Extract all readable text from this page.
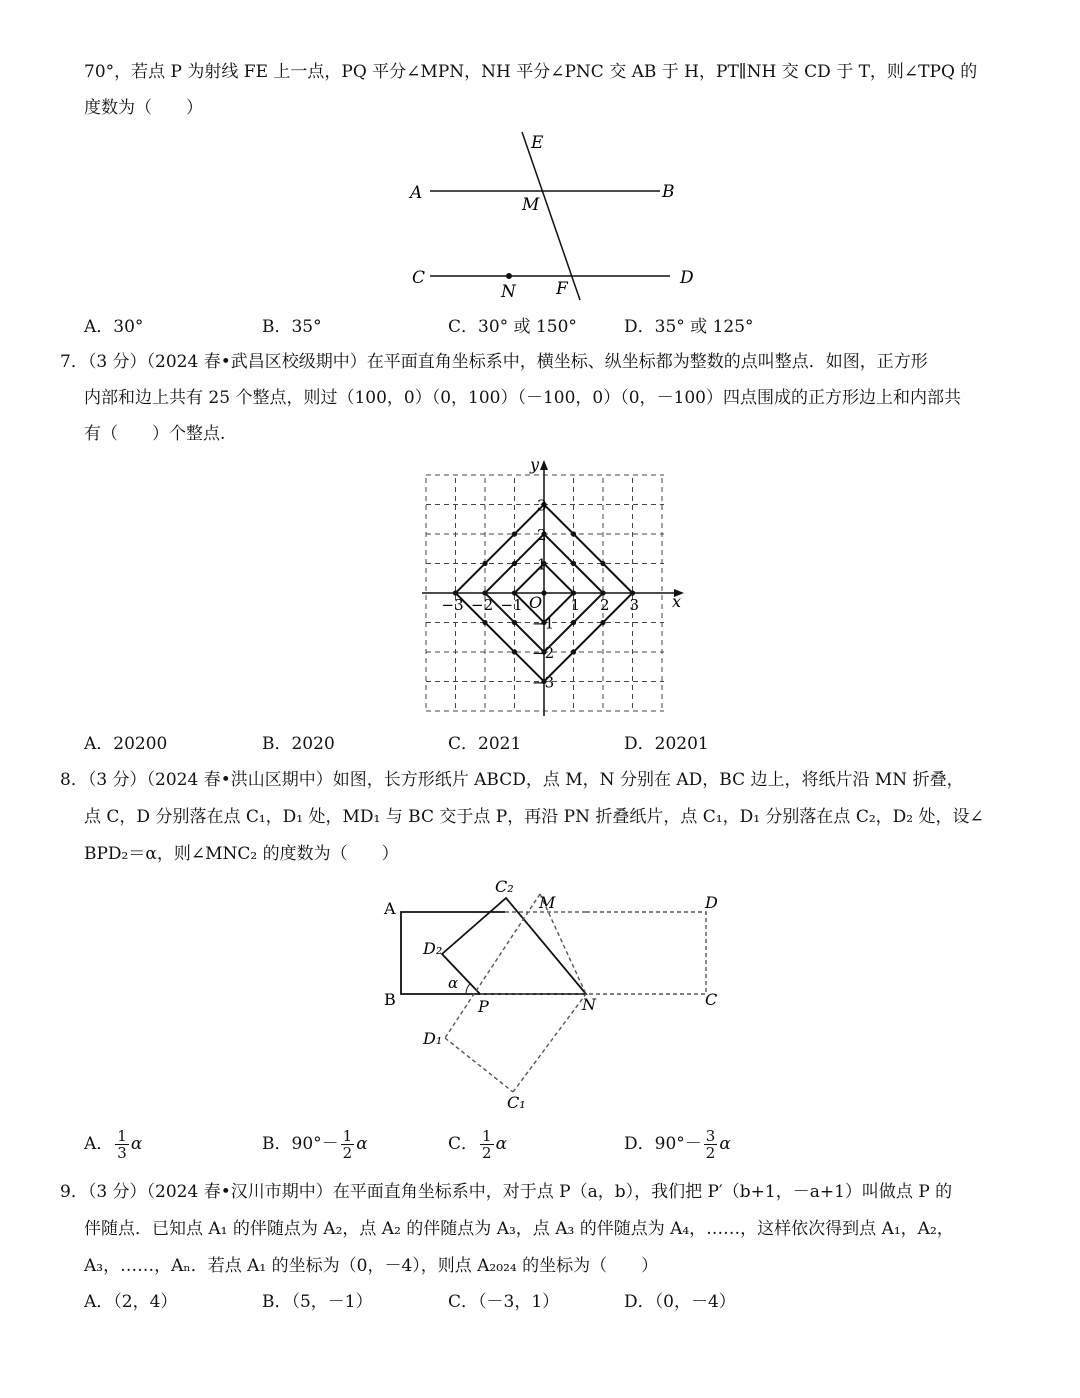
70°，若点 P 为射线 FE 上一点，PQ 平分∠MPN，NH 平分∠PNC 交 AB 于 H，PT∥NH 交 CD 于 T，则∠TPQ 的
度数为（　　）
E
A	B
M
C	D
N F
A．30°	B．35°	C．30° 或 150°	D．35° 或 125°
7．（3 分）（2024 春•武昌区校级期中）在平面直角坐标系中，横坐标、纵坐标都为整数的点叫整点．如图，正方形
内部和边上共有 25 个整点，则过（100，0）（0，100）（－100，0）（0，－100）四点围成的正方形边上和内部共
有（　　）个整点.
x
y
O
−3 −2 −1	1 2 3
3
2
1
−1
−2
−3
A．20200	B．2020	C．2021	D．20201
8．（3 分）（2024 春•洪山区期中）如图，长方形纸片 ABCD，点 M，N 分别在 AD，BC 边上，将纸片沿 MN 折叠，
点 C，D 分别落在点 C₁，D₁ 处，MD₁ 与 BC 交于点 P，再沿 PN 折叠纸片，点 C₁，D₁ 分别落在点 C₂，D₂ 处，设∠
BPD₂＝α，则∠MNC₂ 的度数为（　　）
A
B
C₂
M	D
D₂
α
P	N	C
D₁
C₁
A． $\frac{1}{3}$ α	B．$90^\circ- \frac{1}{2}$ α	C． $\frac{1}{2}$ α	D．$90^\circ- \frac{3}{2}$ α
9．（3 分）（2024 春•汉川市期中）在平面直角坐标系中，对于点 P（a，b），我们把 P′（b+1，－a+1）叫做点 P 的
伴随点．已知点 A₁ 的伴随点为 A₂，点 A₂ 的伴随点为 A₃，点 A₃ 的伴随点为 A₄，……，这样依次得到点 A₁，A₂，
A₃，……，Aₙ．若点 A₁ 的坐标为（0，－4），则点 A₂₀₂₄ 的坐标为（　　）
A．（2，4）	B．（5，－1）	C．（－3，1）	D．（0，－4）
